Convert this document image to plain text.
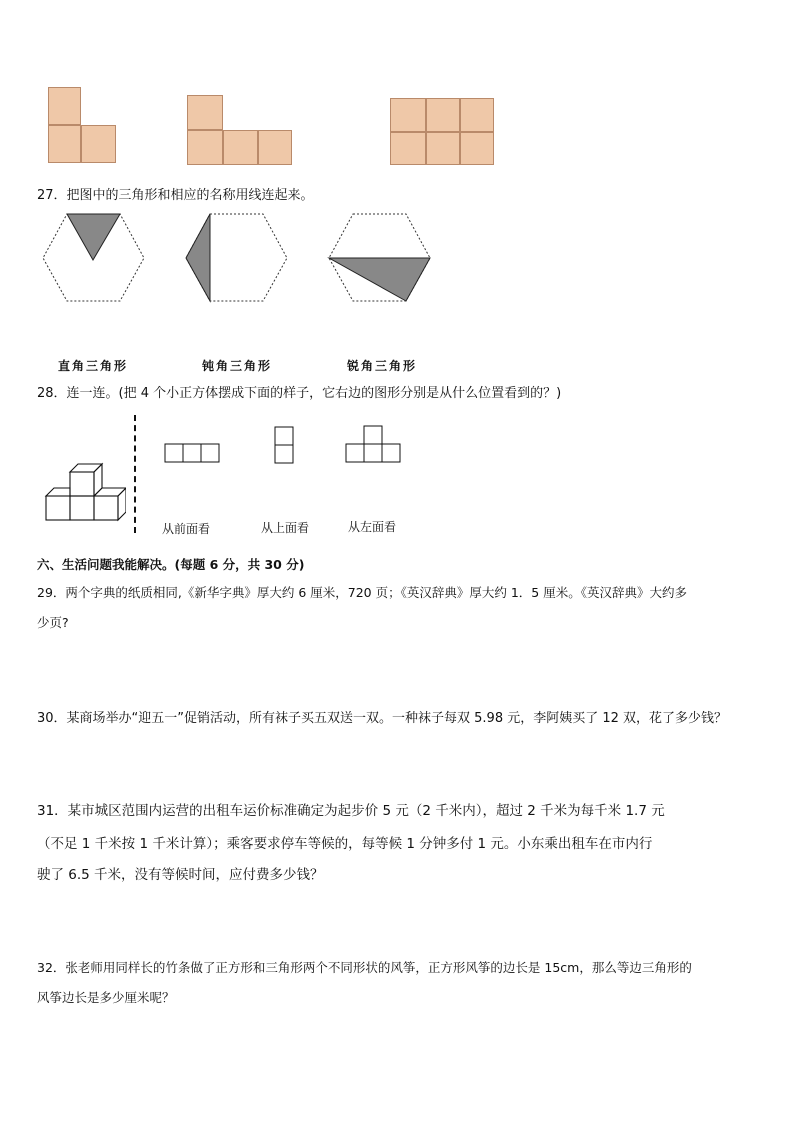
27．把图中的三角形和相应的名称用线连起来。
直角三角形	钝角三角形	锐角三角形
28．连一连。(把 4 个小正方体摆成下面的样子，它右边的图形分别是从什么位置看到的？)
从前面看	从上面看	从左面看
六、生活问题我能解决。(每题 6 分，共 30 分)
29．两个字典的纸质相同,《新华字典》厚大约 6 厘米，720 页；《英汉辞典》厚大约 1．5 厘米。《英汉辞典》大约多
少页?
30．某商场举办“迎五一”促销活动，所有袜子买五双送一双。一种袜子每双 5.98 元，李阿姨买了 12 双，花了多少钱？
31．某市城区范围内运营的出租车运价标准确定为起步价 5 元（2 千米内），超过 2 千米为每千米 1.7 元
（不足 1 千米按 1 千米计算）；乘客要求停车等候的，每等候 1 分钟多付 1 元。小东乘出租车在市内行
驶了 6.5 千米，没有等候时间，应付费多少钱？
32．张老师用同样长的竹条做了正方形和三角形两个不同形状的风筝，正方形风筝的边长是 15cm，那么等边三角形的
风筝边长是多少厘米呢？
